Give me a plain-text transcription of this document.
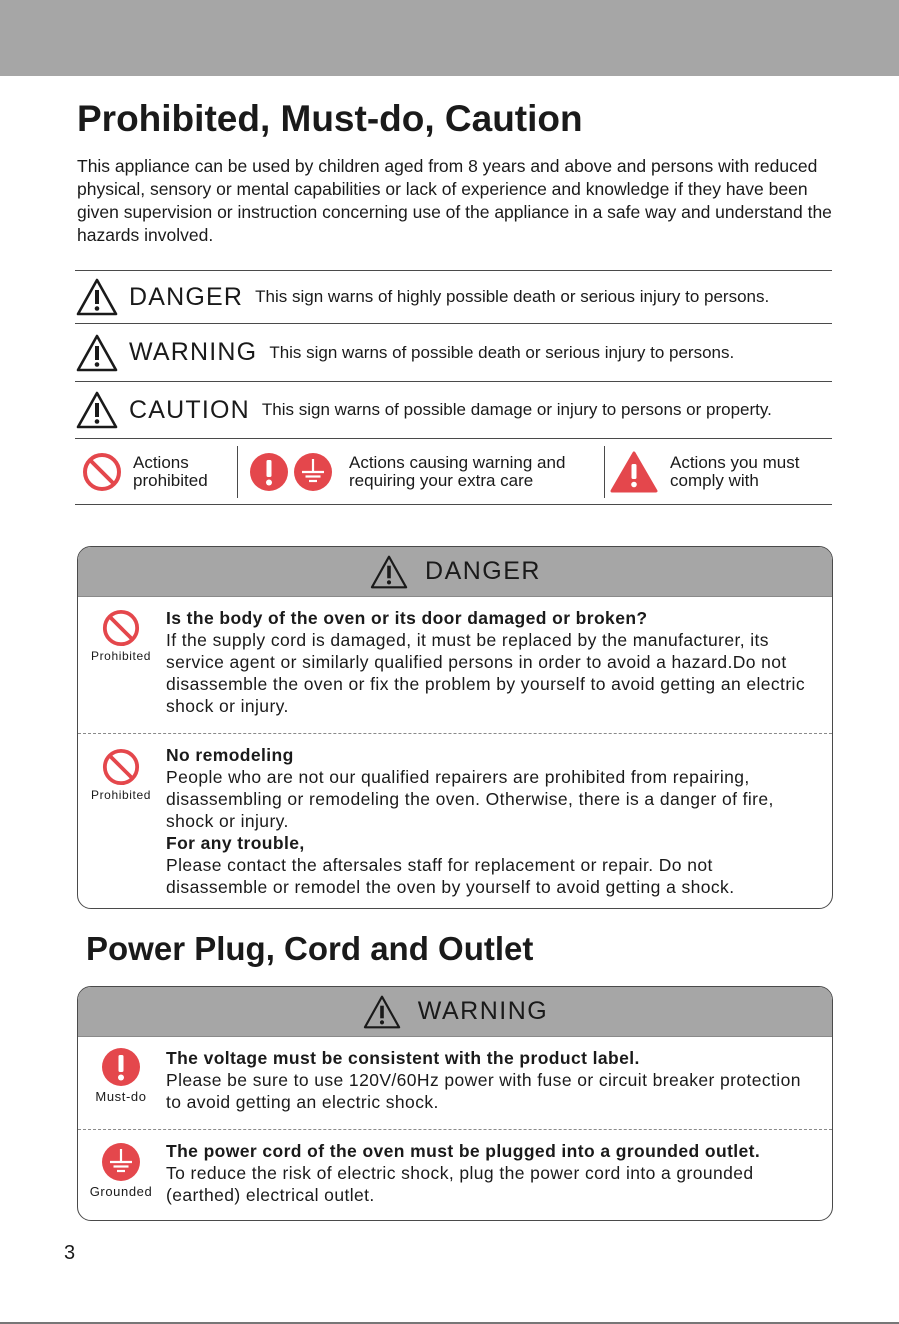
Prohibited, Must-do, Caution

This appliance can be used by children aged from 8 years and above and persons with reduced physical, sensory or mental capabilities or lack of experience and knowledge if they have been given supervision or instruction concerning use of the appliance in a safe way and understand the hazards involved.

DANGER This sign warns of highly possible death or serious injury to persons.
WARNING This sign warns of possible death or serious injury to persons.
CAUTION This sign warns of possible damage or injury to persons or property.
Actions
prohibited
Actions causing warning and
requiring your extra care
Actions you must
comply with
DANGER
Prohibited
Is the body of the oven or its door damaged or broken?
If the supply cord is damaged, it must be replaced by the manufacturer, its service agent or similarly qualified persons in order to avoid a hazard.Do not disassemble the oven or fix the problem by yourself to avoid getting an electric shock or injury.
Prohibited
No remodeling
People who are not our qualified repairers are prohibited from repairing, disassembling or remodeling the oven. Otherwise, there is a danger of fire, shock or injury.
For any trouble,
Please contact the aftersales staff for replacement or repair. Do not disassemble or remodel the oven by yourself to avoid getting a shock.
Power Plug, Cord and Outlet
WARNING
Must-do
The voltage must be consistent with the product label.
Please be sure to use 120V/60Hz power with fuse or circuit breaker protection to avoid getting an electric shock.
Grounded
The power cord of the oven must be plugged into a grounded outlet.
To reduce the risk of electric shock, plug the power cord into a grounded (earthed) electrical outlet.
3
